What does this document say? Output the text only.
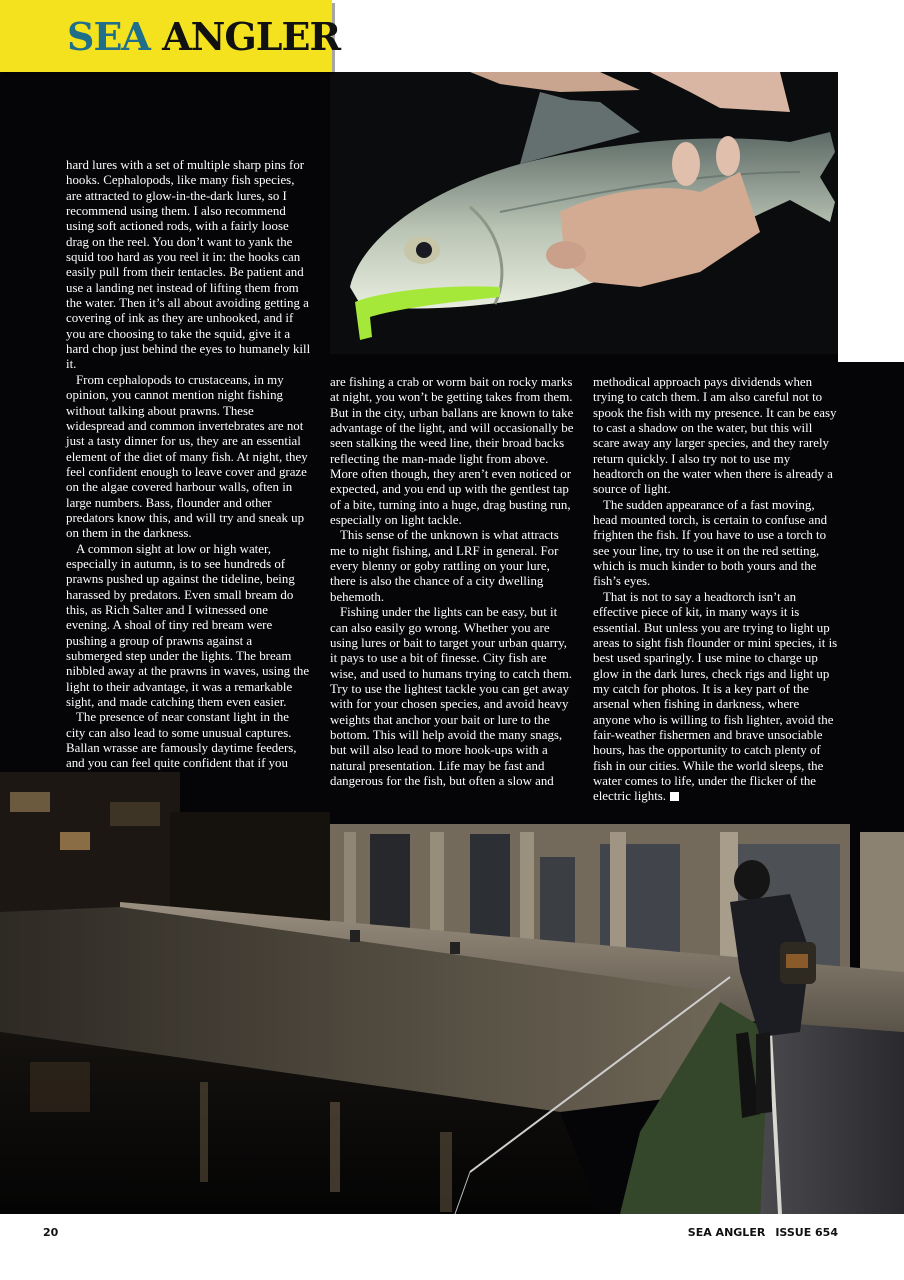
SEA ANGLER

hard lures with a set of multiple sharp pins for hooks. Cephalopods, like many fish species, are attracted to glow-in-the-dark lures, so I recommend using them. I also recommend using soft actioned rods, with a fairly loose drag on the reel. You don’t want to yank the squid too hard as you reel it in: the hooks can easily pull from their tentacles. Be patient and use a landing net instead of lifting them from the water. Then it’s all about avoiding getting a covering of ink as they are unhooked, and if you are choosing to take the squid, give it a hard chop just behind the eyes to humanely kill it.

From cephalopods to crustaceans, in my opinion, you cannot mention night fishing without talking about prawns. These widespread and common invertebrates are not just a tasty dinner for us, they are an essential element of the diet of many fish. At night, they feel confident enough to leave cover and graze on the algae covered harbour walls, often in large numbers. Bass, flounder and other predators know this, and will try and sneak up on them in the darkness.

A common sight at low or high water, especially in autumn, is to see hundreds of prawns pushed up against the tideline, being harassed by predators. Even small bream do this, as Rich Salter and I witnessed one evening. A shoal of tiny red bream were pushing a group of prawns against a submerged step under the lights. The bream nibbled away at the prawns in waves, using the light to their advantage, it was a remarkable sight, and made catching them even easier.

The presence of near constant light in the city can also lead to some unusual captures. Ballan wrasse are famously daytime feeders, and you can feel quite confident that if you

are fishing a crab or worm bait on rocky marks at night, you won’t be getting takes from them. But in the city, urban ballans are known to take advantage of the light, and will occasionally be seen stalking the weed line, their broad backs reflecting the man-made light from above. More often though, they aren’t even noticed or expected, and you end up with the gentlest tap of a bite, turning into a huge, drag busting run, especially on light tackle.

This sense of the unknown is what attracts me to night fishing, and LRF in general. For every blenny or goby rattling on your lure, there is also the chance of a city dwelling behemoth.

Fishing under the lights can be easy, but it can also easily go wrong. Whether you are using lures or bait to target your urban quarry, it pays to use a bit of finesse. City fish are wise, and used to humans trying to catch them. Try to use the lightest tackle you can get away with for your chosen species, and avoid heavy weights that anchor your bait or lure to the bottom. This will help avoid the many snags, but will also lead to more hook-ups with a natural presentation. Life may be fast and dangerous for the fish, but often a slow and

methodical approach pays dividends when trying to catch them. I am also careful not to spook the fish with my presence. It can be easy to cast a shadow on the water, but this will scare away any larger species, and they rarely return quickly. I also try not to use my headtorch on the water when there is already a source of light.

The sudden appearance of a fast moving, head mounted torch, is certain to confuse and frighten the fish. If you have to use a torch to see your line, try to use it on the red setting, which is much kinder to both yours and the fish’s eyes.

That is not to say a headtorch isn’t an effective piece of kit, in many ways it is essential. But unless you are trying to light up areas to sight fish flounder or mini species, it is best used sparingly. I use mine to charge up glow in the dark lures, check rigs and light up my catch for photos. It is a key part of the arsenal when fishing in darkness, where anyone who is willing to fish lighter, avoid the fair-weather fishermen and brave unsociable hours, has the opportunity to catch plenty of fish in our cities. While the world sleeps, the water comes to life, under the flicker of the electric lights.

20	SEA ANGLER ISSUE 654
